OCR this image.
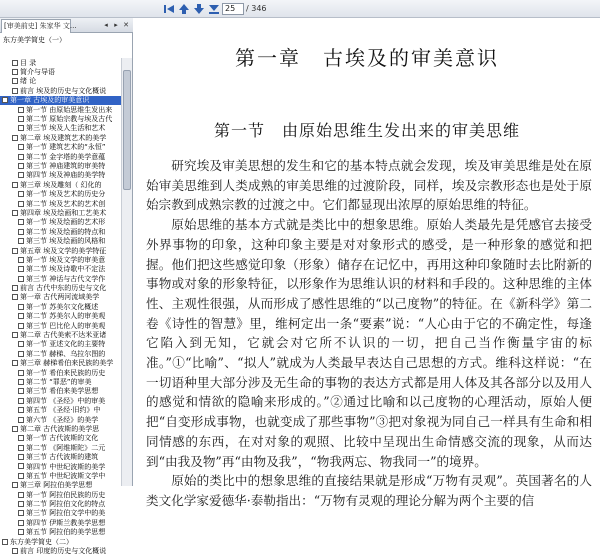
25	/ 346
[审美前史] 朱家华 文...	◂ ▸ ✕
东方美学简史（一）
目 录
简介与导语
绪 论
前言 埃及的历史与文化概说
第一章 古埃及的审美意识
第一节 由原始思维生发出来
第二节 原始宗教与埃及古代
第三节 埃及人生活和艺术
第二章 埃及建筑艺术的美学
第一节 建筑艺术的“永恒”
第二节 金字塔的美学意蕴
第三节 神庙建筑的审美特
第四节 埃及神庙的美学特
第三章 埃及雕刻（ 幻化的
第一节 埃及艺术的历史分
第二节 埃及艺术的艺术创
第四章 埃及绘画和工艺美术
第一节 埃及绘画的艺术形
第二节 埃及绘画的特点和
第三节 埃及绘画的风格和
第五章 埃及文学的美学特征
第一节 埃及文学的审美意
第二节 埃及诗歌中不定法
第三节 神话与古代文学作
前言 古代中东的历史与文化
第一章 古代两河流域美学
第一节 苏美尔文化概述
第二节 苏美尔人的审美观
第三节 巴比伦人的审美观
第二章 古代美索不达米亚诸
第一节 亚述文化的主要特
第二节 赫梯、乌拉尔图的
第三章 赫梯希伯来民族的美学
第一节 希伯来民族的历史
第二节 “罪恶”的审美
第三节 希伯来美学思想
第四节 《圣经》中的审美
第五节 《圣经·旧约》中
第六节 《圣经》的美学
第二章 古代波斯的美学思
第一节 古代波斯的文化
第二节 《阿维斯陀》二元
第三节 古代波斯的建筑
第四节 中世纪波斯的美学
第五节 中世纪波斯文学中
第三章 阿拉伯美学思想
第一节 阿拉伯民族的历史
第二节 阿拉伯文化的特点
第三节 阿拉伯文学中的美
第四节 伊斯兰教美学思想
第五节 阿拉伯的美学思想
东方美学简史（二）
前言 印度的历史与文化概说
第一章　古埃及的审美意识
第一节　由原始思维生发出来的审美思维

研究埃及审美思想的发生和它的基本特点就会发现，埃及审美思维是处在原始审美思维到人类成熟的审美思维的过渡阶段，同样，埃及宗教形态也是处于原始宗教到成熟宗教的过渡之中。它们都显现出浓厚的原始思维的特征。

原始思维的基本方式就是类比中的想象思维。原始人类最先是凭感官去接受外界事物的印象，这种印象主要是对对象形式的感受，是一种形象的感觉和把握。他们把这些感觉印象（形象）储存在记忆中，再用这种印象随时去比附新的事物或对象的形象特征，以形象作为思维认识的材料和手段的。这种思维的主体性、主观性很强，从而形成了感性思维的“以己度物”的特征。在《新科学》第二卷《诗性的智慧》里，维柯定出一条“要素”说：“人心由于它的不确定性，每逢它陷入到无知，它就会对它所不认识的一切，把自己当作衡量宇宙的标准。”①“比喻”、“拟人”就成为人类最早表达自己思想的方式。维科这样说：“在一切语种里大部分涉及无生命的事物的表达方式都是用人体及其各部分以及用人的感觉和情欲的隐喻来形成的。”②通过比喻和以己度物的心理活动，原始人便把“自变形成事物，也就变成了那些事物”③把对象视为同自己一样具有生命和相同情感的东西，在对对象的观照、比较中呈现出生命情感交流的现象，从而达到“由我及物”再“由物及我”，“物我两忘、物我同一”的境界。

原始的类比中的想象思维的直接结果就是形成“万物有灵观”。英国著名的人类文化学家爱德华·泰勒指出：“万物有灵观的理论分解为两个主要的信
